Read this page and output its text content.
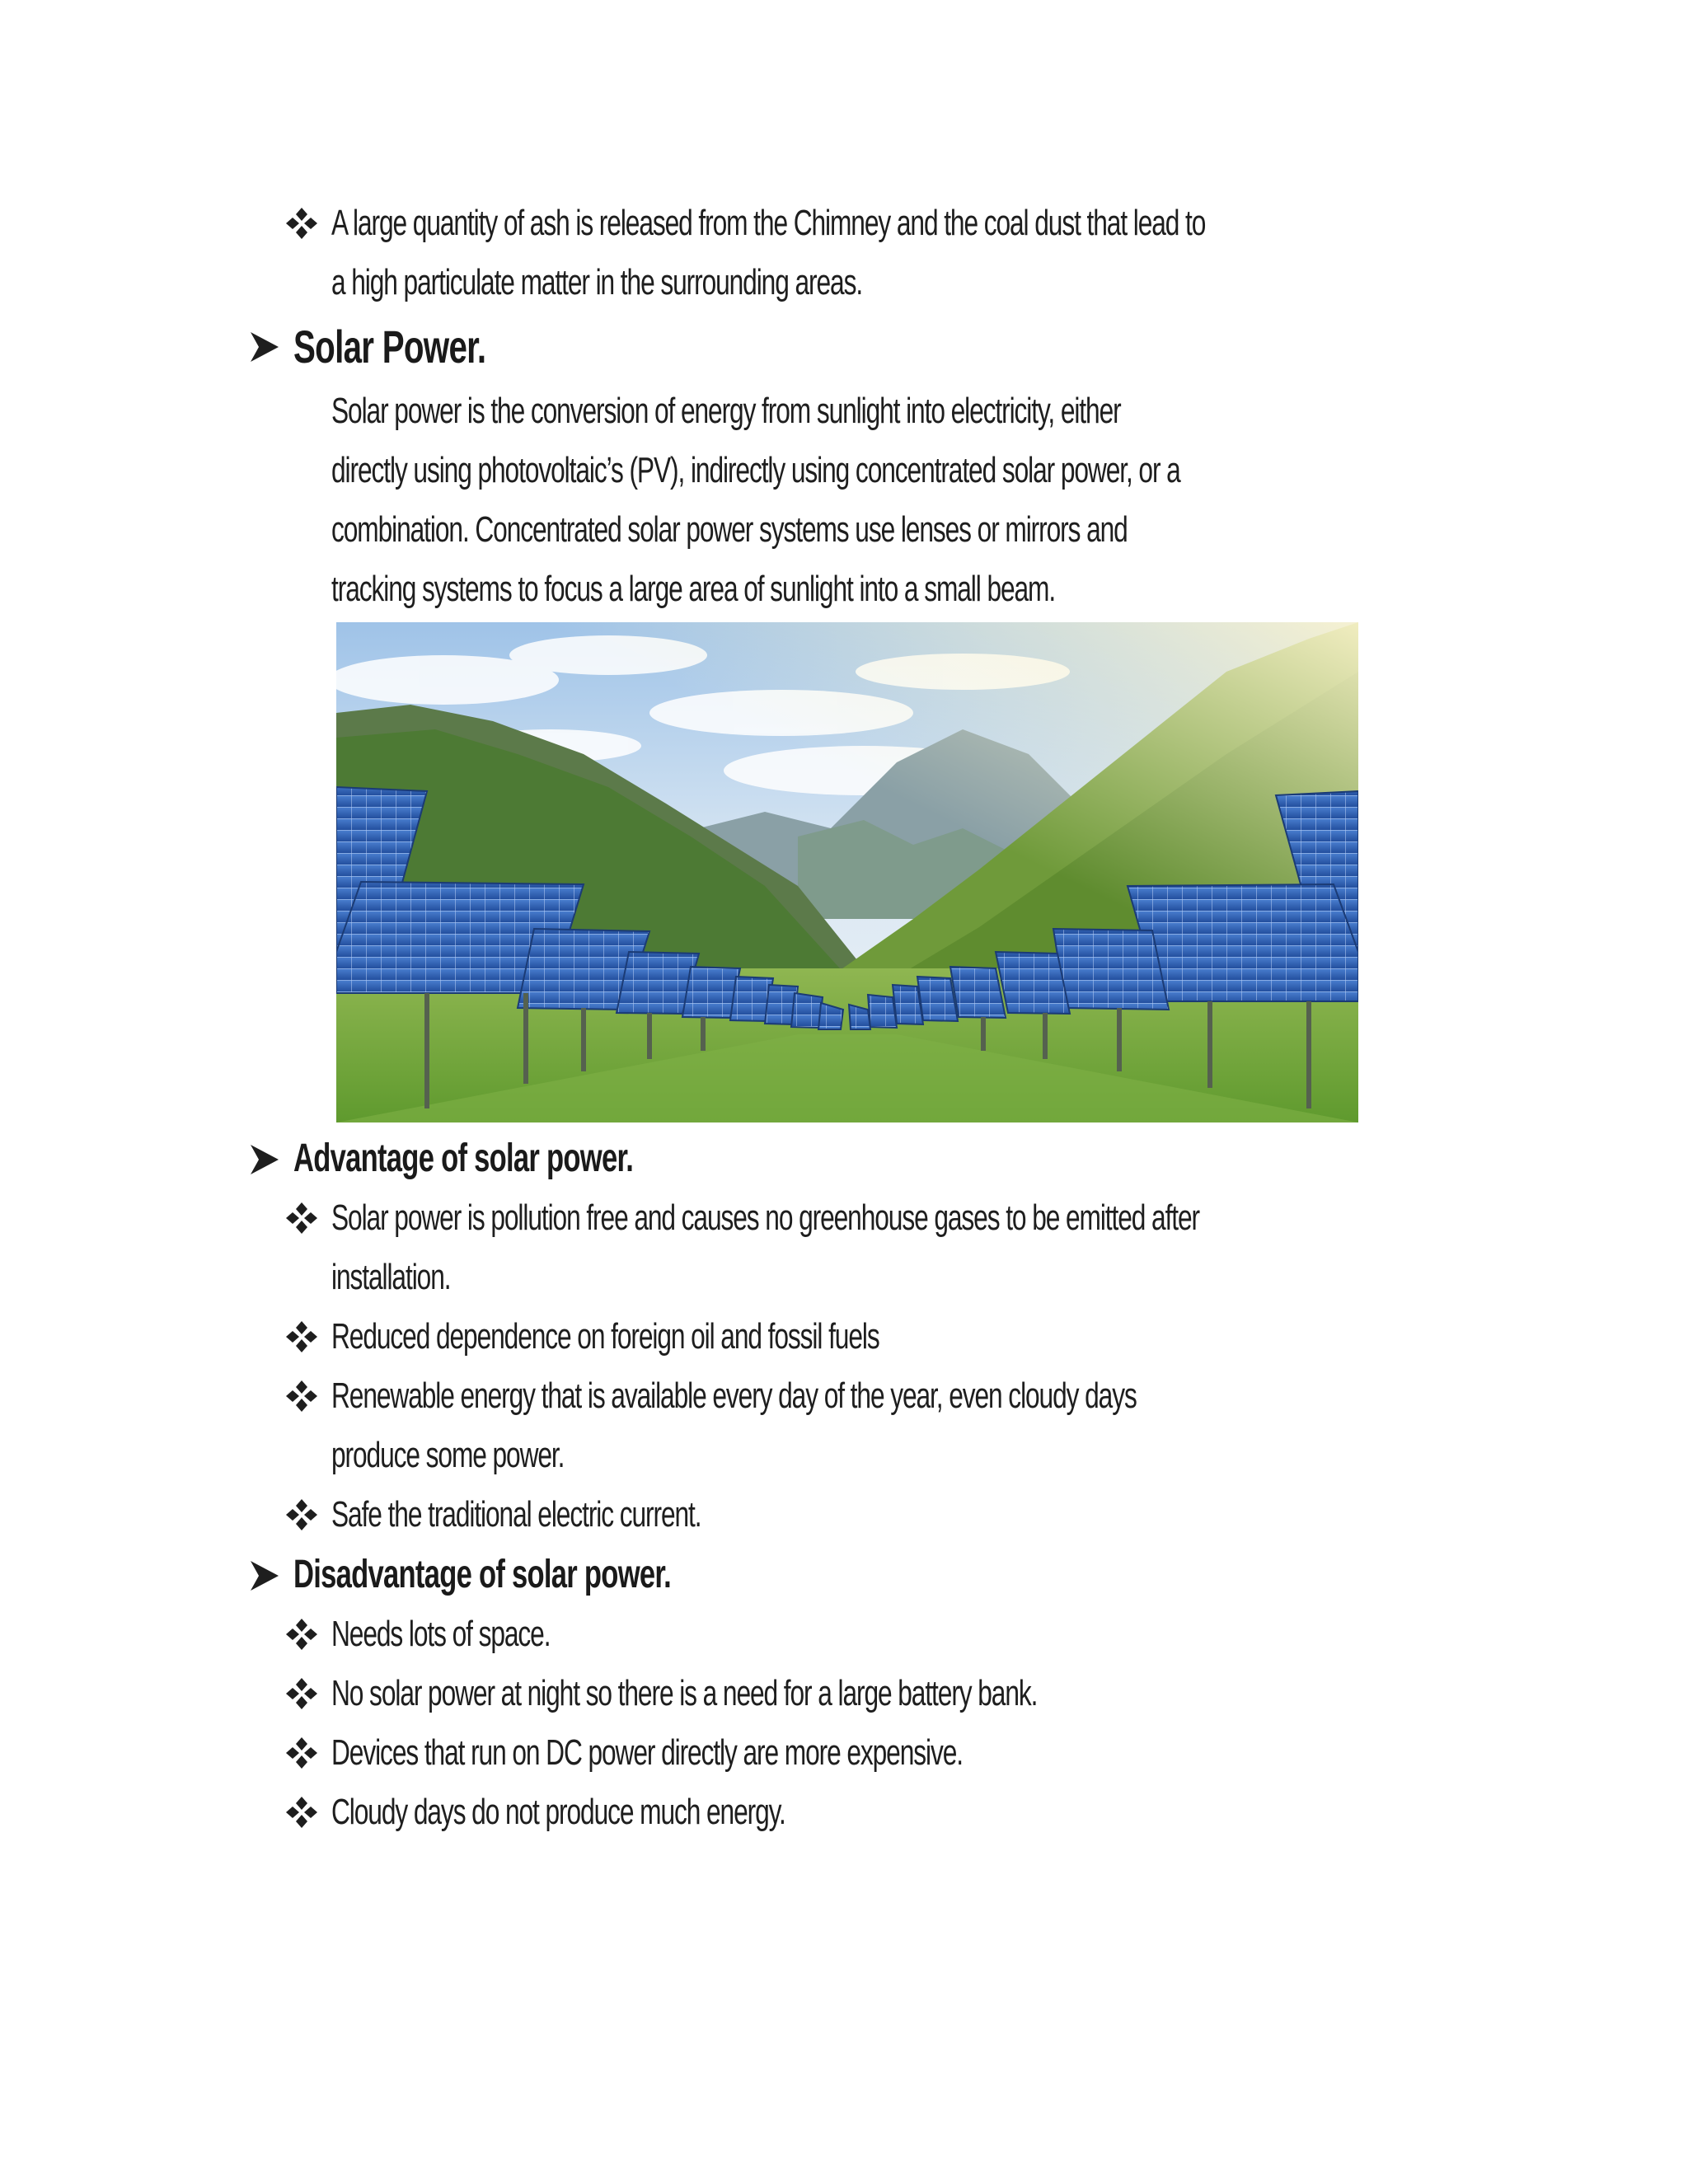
A large quantity of ash is released from the Chimney and the coal dust that lead to
a high particulate matter in the surrounding areas.
Solar Power.
Solar power is the conversion of energy from sunlight into electricity, either
directly using photovoltaic’s (PV), indirectly using concentrated solar power, or a
combination. Concentrated solar power systems use lenses or mirrors and
tracking systems to focus a large area of sunlight into a small beam.
Advantage of solar power.
Solar power is pollution free and causes no greenhouse gases to be emitted after
installation.
Reduced dependence on foreign oil and fossil fuels
Renewable energy that is available every day of the year, even cloudy days
produce some power.
Safe the traditional electric current.
Disadvantage of solar power.
Needs lots of space.
No solar power at night so there is a need for a large battery bank.
Devices that run on DC power directly are more expensive.
Cloudy days do not produce much energy.
